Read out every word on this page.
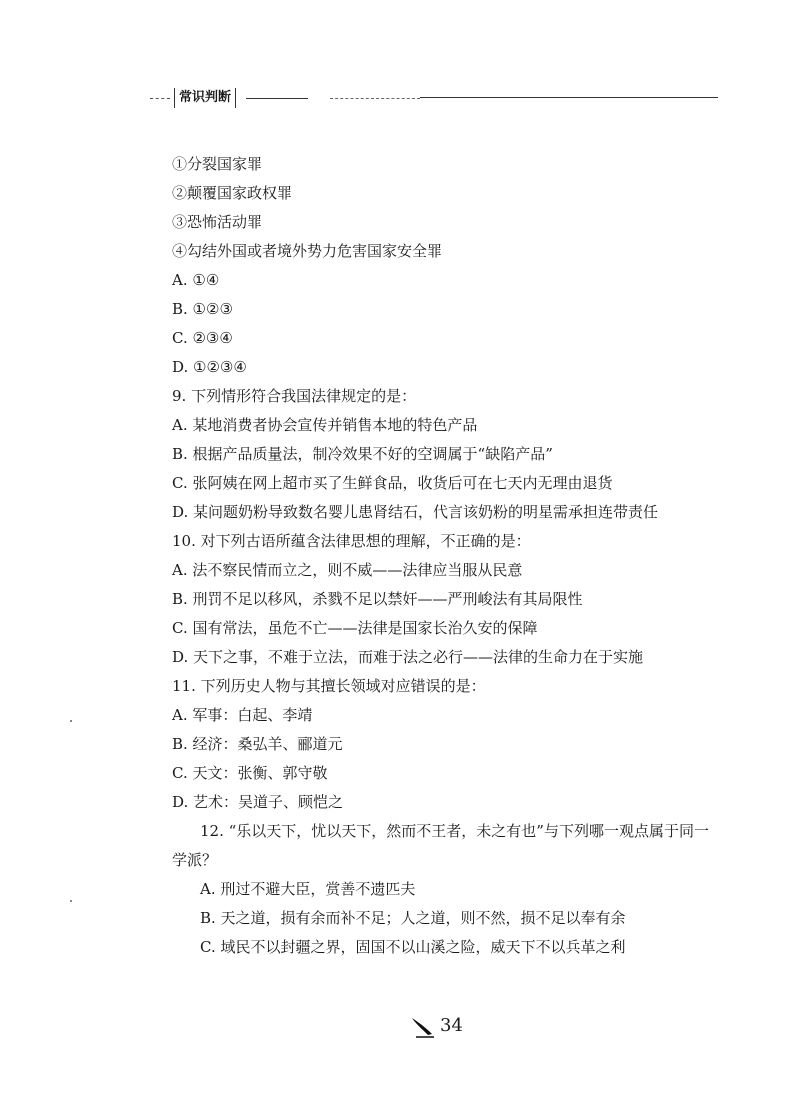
常识判断
①分裂国家罪
②颠覆国家政权罪
③恐怖活动罪
④勾结外国或者境外势力危害国家安全罪
A. ①④
B. ①②③
C. ②③④
D. ①②③④
9. 下列情形符合我国法律规定的是：
A. 某地消费者协会宣传并销售本地的特色产品
B. 根据产品质量法，制冷效果不好的空调属于“缺陷产品”
C. 张阿姨在网上超市买了生鲜食品，收货后可在七天内无理由退货
D. 某问题奶粉导致数名婴儿患肾结石，代言该奶粉的明星需承担连带责任
10. 对下列古语所蕴含法律思想的理解，不正确的是：
A. 法不察民情而立之，则不威——法律应当服从民意
B. 刑罚不足以移风，杀戮不足以禁奸——严刑峻法有其局限性
C. 国有常法，虽危不亡——法律是国家长治久安的保障
D. 天下之事，不难于立法，而难于法之必行——法律的生命力在于实施
11. 下列历史人物与其擅长领域对应错误的是：
A. 军事：白起、李靖
B. 经济：桑弘羊、郦道元
C. 天文：张衡、郭守敬
D. 艺术：吴道子、顾恺之
12. “乐以天下，忧以天下，然而不王者，未之有也”与下列哪一观点属于同一
学派？
A. 刑过不避大臣，赏善不遗匹夫
B. 天之道，损有余而补不足；人之道，则不然，损不足以奉有余
C. 域民不以封疆之界，固国不以山溪之险，威天下不以兵革之利
34
